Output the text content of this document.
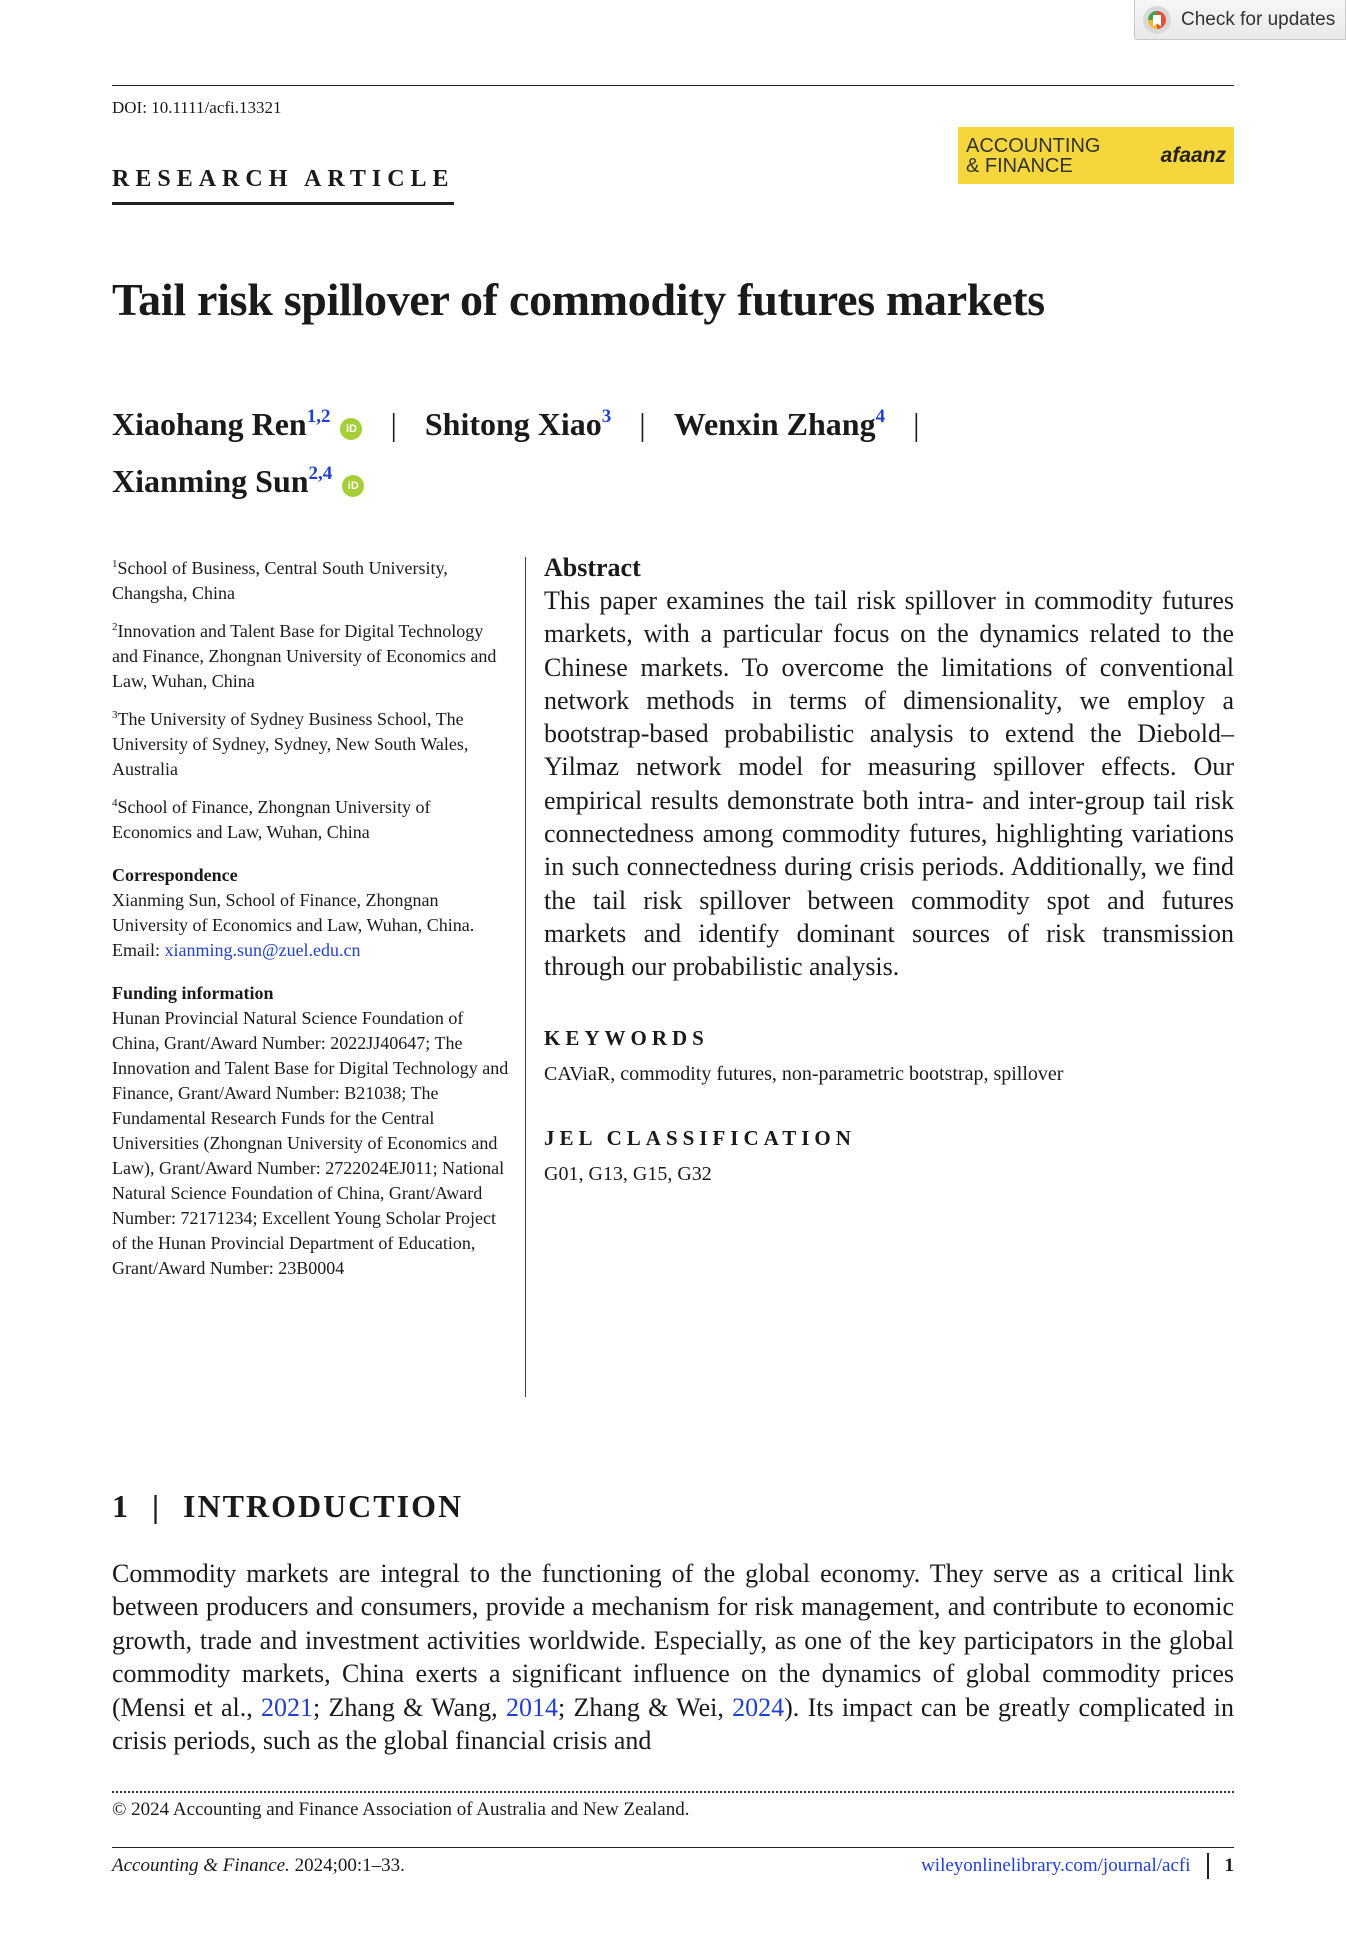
Check for updates
DOI: 10.1111/acfi.13321
RESEARCH ARTICLE
ACCOUNTING
& FINANCE	afaanz
Tail risk spillover of commodity futures markets
Xiaohang Ren$^{1,2}$iD | Shitong Xiao$^3$ | Wenxin Zhang$^4$ |
Xianming Sun$^{2,4}$iD
$^1$School of Business, Central South University, Changsha, China
$^2$Innovation and Talent Base for Digital Technology and Finance, Zhongnan University of Economics and Law, Wuhan, China
$^3$The University of Sydney Business School, The University of Sydney, Sydney, New South Wales, Australia
$^4$School of Finance, Zhongnan University of Economics and Law, Wuhan, China
Correspondence
Xianming Sun, School of Finance, Zhongnan University of Economics and Law, Wuhan, China.
Email: xianming.sun@zuel.edu.cn
Funding information
Hunan Provincial Natural Science Foundation of China, Grant/Award Number: 2022JJ40647; The Innovation and Talent Base for Digital Technology and Finance, Grant/Award Number: B21038; The Fundamental Research Funds for the Central Universities (Zhongnan University of Economics and Law), Grant/Award Number: 2722024EJ011; National Natural Science Foundation of China, Grant/Award Number: 72171234; Excellent Young Scholar Project of the Hunan Provincial Department of Education, Grant/Award Number: 23B0004
Abstract

This paper examines the tail risk spillover in commodity futures markets, with a particular focus on the dynamics related to the Chinese markets. To overcome the limitations of conventional network methods in terms of dimensionality, we employ a bootstrap-based probabilistic analysis to extend the Diebold–Yilmaz network model for measuring spillover effects. Our empirical results demonstrate both intra- and inter-group tail risk connectedness among commodity futures, highlighting variations in such connectedness during crisis periods. Additionally, we find the tail risk spillover between commodity spot and futures markets and identify dominant sources of risk transmission through our probabilistic analysis.

KEYWORDS
CAViaR, commodity futures, non-parametric bootstrap, spillover
JEL CLASSIFICATION
G01, G13, G15, G32
1 | INTRODUCTION

Commodity markets are integral to the functioning of the global economy. They serve as a critical link between producers and consumers, provide a mechanism for risk management, and contribute to economic growth, trade and investment activities worldwide. Especially, as one of the key participators in the global commodity markets, China exerts a significant influence on the dynamics of global commodity prices (Mensi et al., 2021; Zhang & Wang, 2014; Zhang & Wei, 2024). Its impact can be greatly complicated in crisis periods, such as the global financial crisis and

© 2024 Accounting and Finance Association of Australia and New Zealand.
Accounting & Finance. 2024;00:1–33.	wileyonlinelibrary.com/journal/acfi 1
